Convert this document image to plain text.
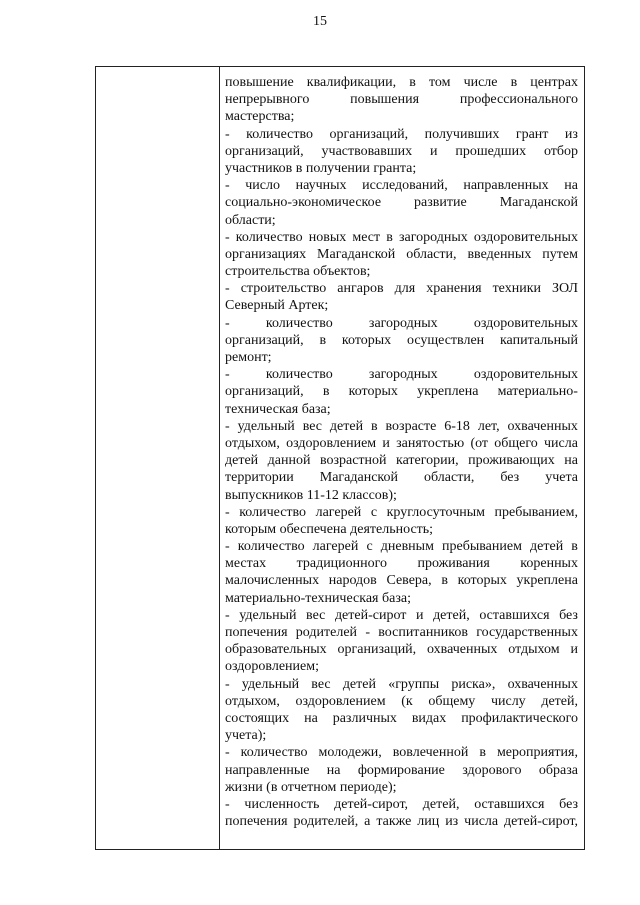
15
повышение квалификации, в том числе в центрах
непрерывного	повышения	профессионального
мастерства;
- количество организаций, получивших грант из
организаций, участвовавших и прошедших отбор
участников в получении гранта;
- число научных исследований, направленных на
социально-экономическое развитие Магаданской
области;
- количество новых мест в загородных оздоровительных
организациях Магаданской области, введенных путем
строительства объектов;
- строительство ангаров для хранения техники ЗОЛ
Северный Артек;
-	количество	загородных	оздоровительных
организаций, в которых осуществлен капитальный
ремонт;
-	количество	загородных	оздоровительных
организаций, в которых укреплена материально-
техническая база;
- удельный вес детей в возрасте 6-18 лет, охваченных
отдыхом, оздоровлением и занятостью (от общего числа
детей данной возрастной категории, проживающих на
территории Магаданской области, без учета
выпускников 11-12 классов);
- количество лагерей с круглосуточным пребыванием,
которым обеспечена деятельность;
- количество лагерей с дневным пребыванием детей в
местах традиционного проживания коренных
малочисленных народов Севера, в которых укреплена
материально-техническая база;
- удельный вес детей-сирот и детей, оставшихся без
попечения родителей - воспитанников государственных
образовательных организаций, охваченных отдыхом и
оздоровлением;
- удельный вес детей «группы риска», охваченных
отдыхом, оздоровлением (к общему числу детей,
состоящих на различных видах профилактического
учета);
- количество молодежи, вовлеченной в мероприятия,
направленные на формирование здорового образа
жизни (в отчетном периоде);
- численность детей-сирот, детей, оставшихся без
попечения родителей, а также лиц из числа детей-сирот,
